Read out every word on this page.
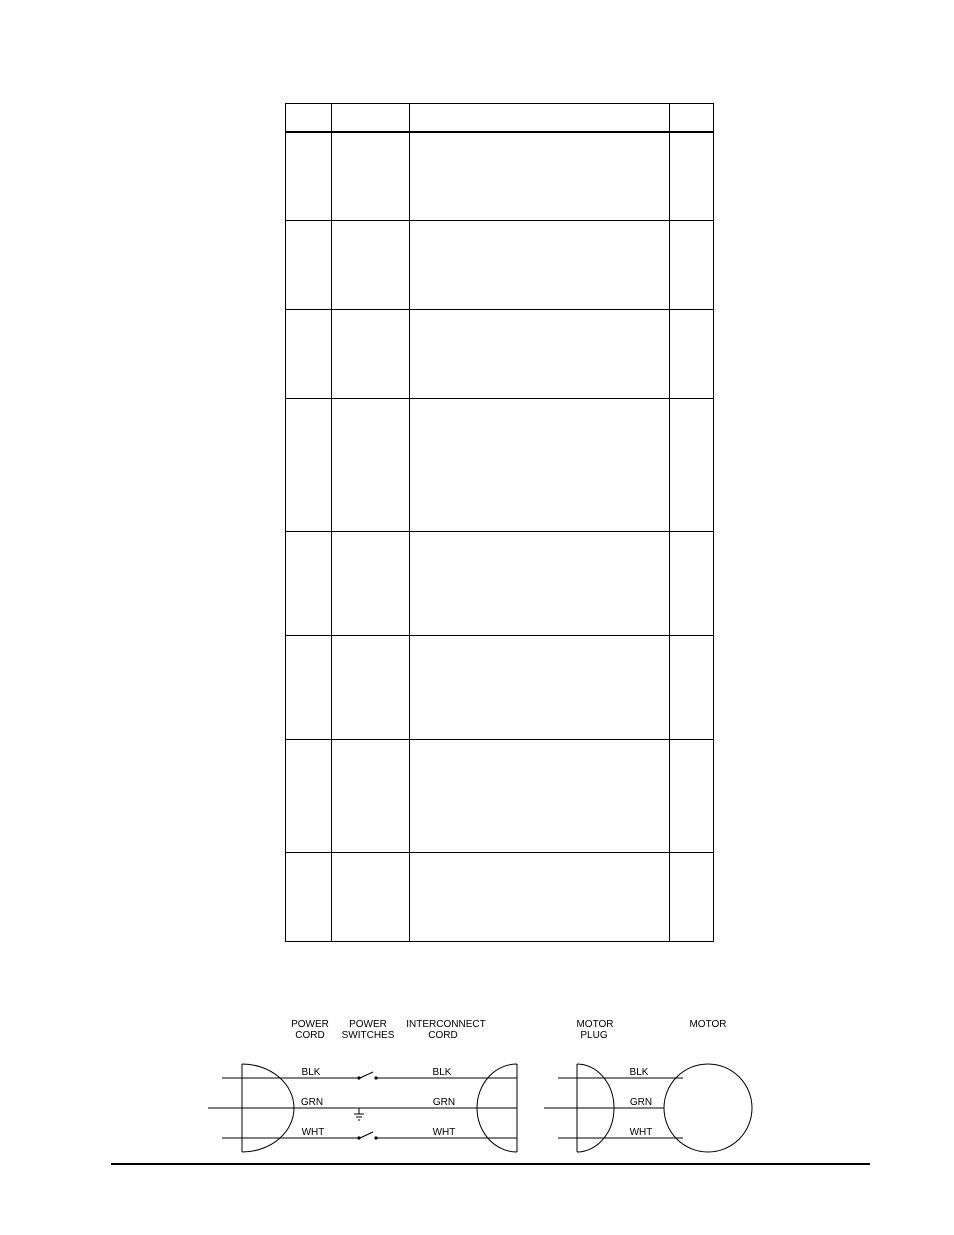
POWER
CORD
POWER
SWITCHES
INTERCONNECT
CORD
MOTOR
PLUG
MOTOR
BLK
GRN
WHT
BLK
GRN
WHT
BLK
GRN
WHT
